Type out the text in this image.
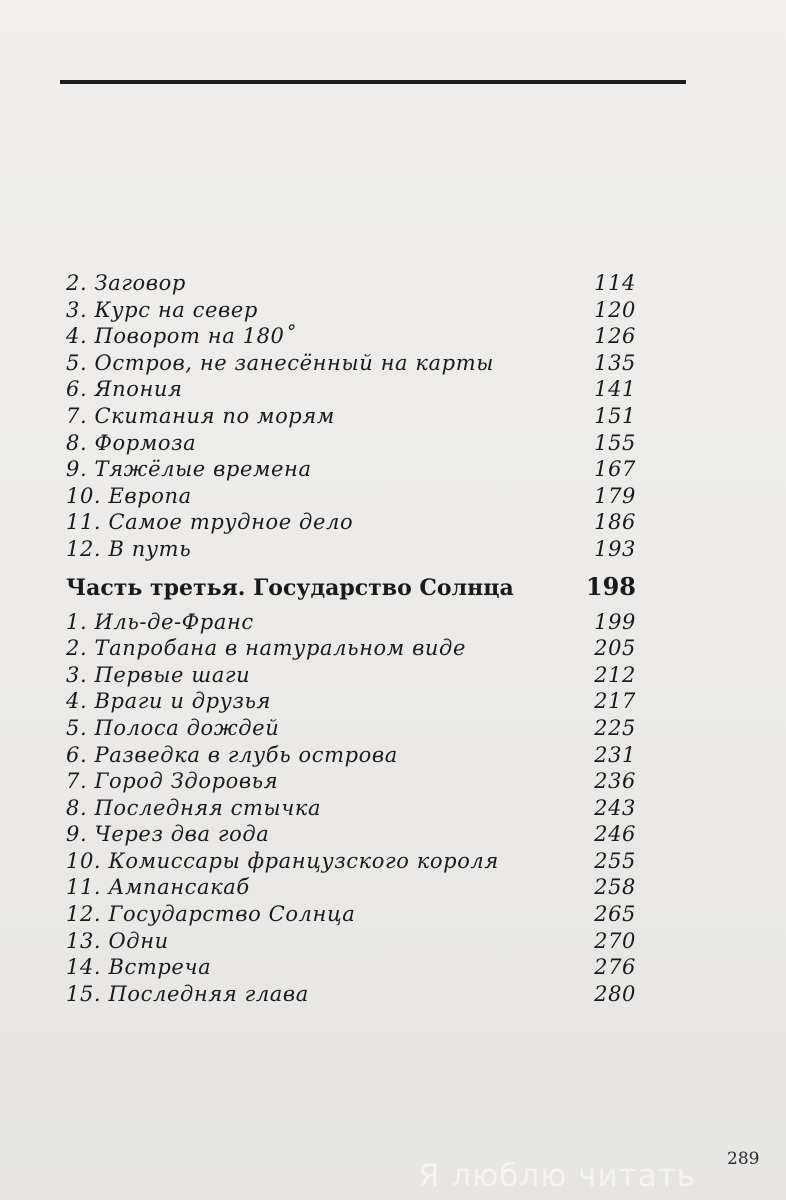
2. Заговор	114
3. Курс на север	120
4. Поворот на 180˚	126
5. Остров, не занесённый на карты	135
6. Япония	141
7. Скитания по морям	151
8. Формоза	155
9. Тяжёлые времена	167
10. Европа	179
11. Самое трудное дело	186
12. В путь	193
Часть третья. Государство Солнца	198
1. Иль-де-Франс	199
2. Тапробана в натуральном виде	205
3. Первые шаги	212
4. Враги и друзья	217
5. Полоса дождей	225
6. Разведка в глубь острова	231
7. Город Здоровья	236
8. Последняя стычка	243
9. Через два года	246
10. Комиссары французского короля	255
11. Ампансакаб	258
12. Государство Солнца	265
13. Одни	270
14. Встреча	276
15. Последняя глава	280
289
Я люблю читать
